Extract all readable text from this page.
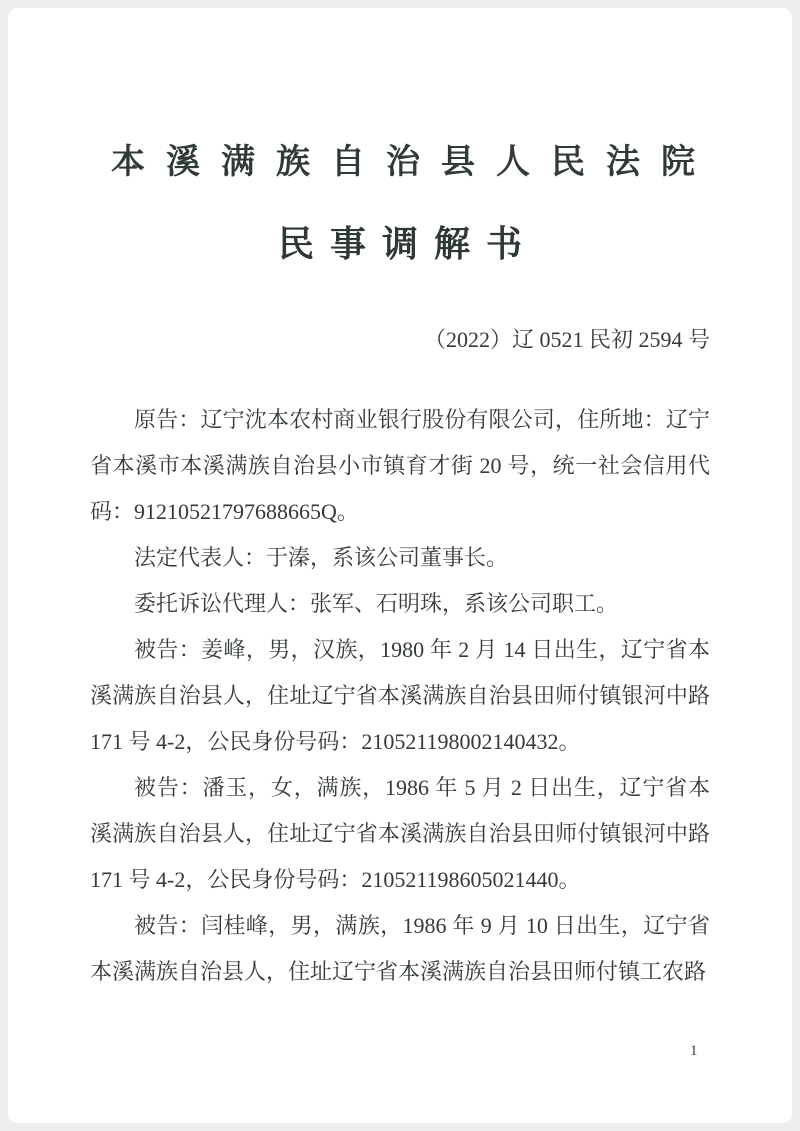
本溪满族自治县人民法院
民事调解书
（2022）辽 0521 民初 2594 号

原告：辽宁沈本农村商业银行股份有限公司，住所地：辽宁省本溪市本溪满族自治县小市镇育才街 20 号，统一社会信用代码：91210521797688665Q。

法定代表人：于溱，系该公司董事长。

委托诉讼代理人：张军、石明珠，系该公司职工。

被告：姜峰，男，汉族，1980 年 2 月 14 日出生，辽宁省本溪满族自治县人，住址辽宁省本溪满族自治县田师付镇银河中路 171 号 4-2，公民身份号码：210521198002140432。

被告：潘玉，女，满族，1986 年 5 月 2 日出生，辽宁省本溪满族自治县人，住址辽宁省本溪满族自治县田师付镇银河中路 171 号 4-2，公民身份号码：210521198605021440。

被告：闫桂峰，男，满族，1986 年 9 月 10 日出生，辽宁省本溪满族自治县人，住址辽宁省本溪满族自治县田师付镇工农路

1
